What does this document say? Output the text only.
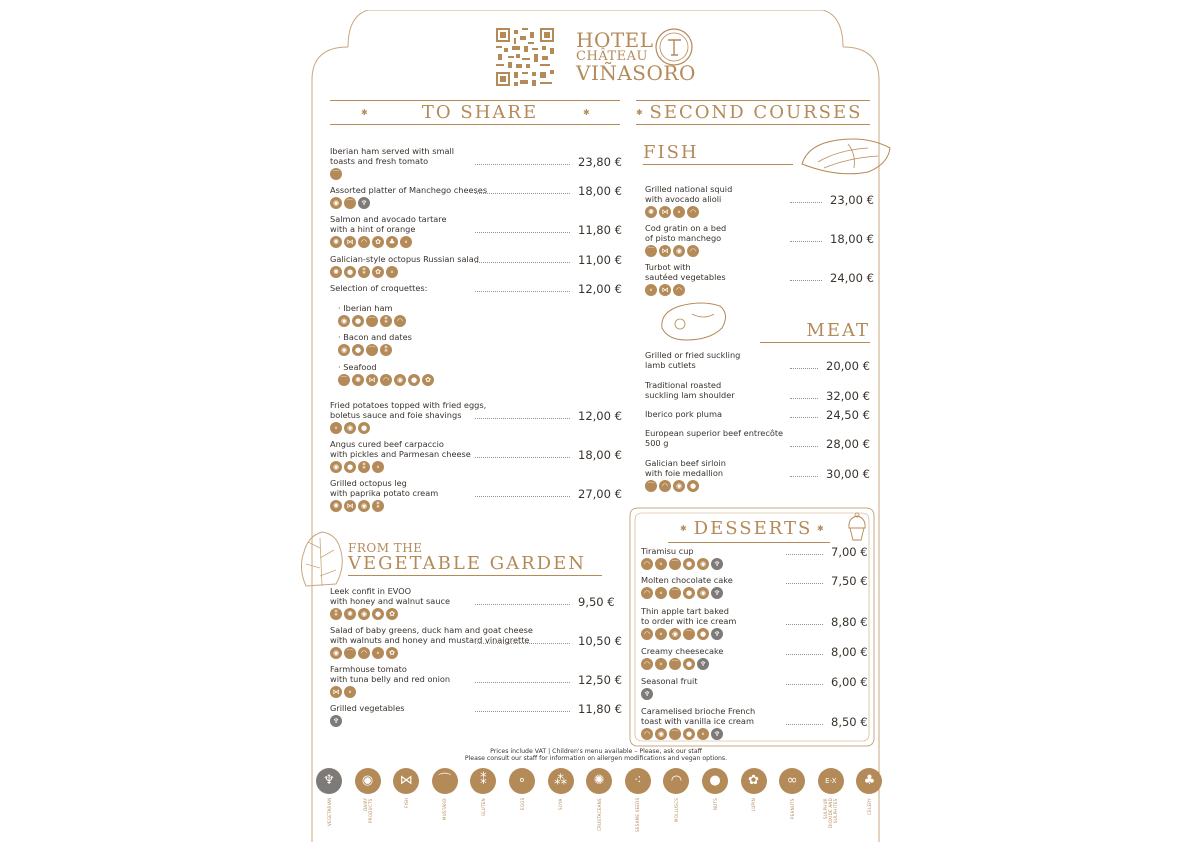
HOTEL
CHÂTEAU
VIÑASORO
✱	✱
TO SHARE	✱ SECOND COURSES
FISH
MEAT
FROM THE
VEGETABLE GARDEN
✱	✱
DESSERTS
Iberian ham served with small
toasts and fresh tomato	23,80 €
⌒
Assorted platter of Manchego cheeses	18,00 €
◉	⌒	♆
Salmon and avocado tartare
with a hint of orange	11,80 €
✺	⋈	◠	✿	♣	∘
Galician-style octopus Russian salad	11,00 €
✺	●	⁑	✿	∘
Selection of croquettes:	12,00 €
· Iberian ham
◉	●	⌒	⁑	◠
· Bacon and dates
◉	●	⌒	⁑
· Seafood
⌒	✺	⋈	◠	◉	●	✿
Fried potatoes topped with fried eggs,
boletus sauce and foie shavings	12,00 €
∘	◉	●
Angus cured beef carpaccio
with pickles and Parmesan cheese	18,00 €
◉	●	⁑	∘
Grilled octopus leg
with paprika potato cream	27,00 €
✺	⋈	◉	⁑
Leek confit in EVOO
with honey and walnut sauce	9,50 €
⁑	✺	◉	●	✿
Salad of baby greens, duck ham and goat cheese
with walnuts and honey and mustard vinaigrette	10,50 €
◉	⌒	◠	∘	✿
Farmhouse tomato
with tuna belly and red onion	12,50 €
⋈	∘
Grilled vegetables	11,80 €
♆
Grilled national squid
with avocado alioli	23,00 €
✺	⋈	∘	◠
Cod gratin on a bed
of pisto manchego	18,00 €
⌒	⋈	◉	◠
Turbot with
sautéed vegetables	24,00 €
∘	⋈	◠
Grilled or fried suckling
lamb cutlets	20,00 €
Traditional roasted
suckling lam shoulder	32,00 €
Iberico pork pluma	24,50 €
European superior beef entrecôte
500 g	28,00 €
Galician beef sirloin
with foie medallion	30,00 €
⌒	◠	◉	●
Tiramisu cup	7,00 €
◠	∘	⌒	●	◉	♆
Molten chocolate cake	7,50 €
◠	∘	⌒	●	◉	♆
Thin apple tart baked
to order with ice cream	8,80 €
◠	∘	◉	⌒	●	♆
Creamy cheesecake	8,00 €
◠	∘	⌒	●	♆
Seasonal fruit	6,00 €
♆
Caramelised brioche French
toast with vanilla ice cream	8,50 €
◠	◉	⌒	●	∘	♆
Prices include VAT | Children's menu available – Please, ask our staff
Please consult our staff for information on allergen modifications and vegan options.
♆
VEGETARIAN
◉
DAIRY PRODUCTS
⋈
FISH
⌒
MUSTARD
⁑
GLUTEN
∘
EGGS
⁂
SOYA
✺
CRUSTACEANS
⁖
SESAME SEEDS
◠
MOLLUSCS
●
NUTS
✿
LUPIN
∞
PEANUTS
E-X
SULPHUR DIOXIDE AND SULPHITES
♣
CELERY
